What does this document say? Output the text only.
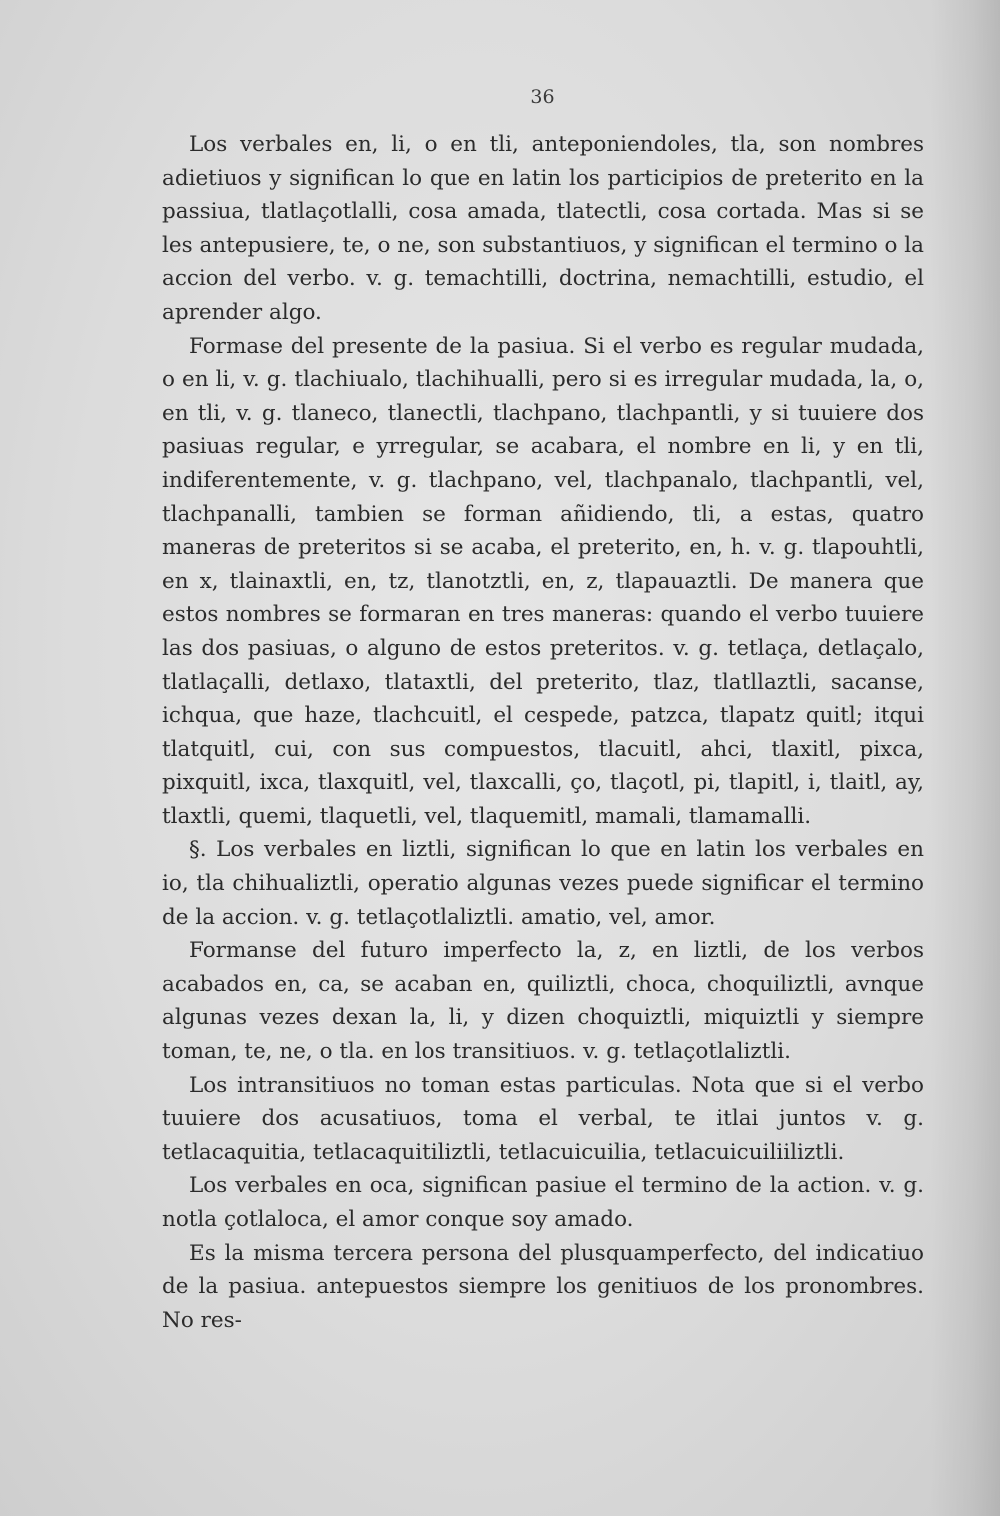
36

Los verbales en, li, o en tli, anteponiendoles, tla, son nombres adietiuos y significan lo que en latin los participios de preterito en la passiua, tlatlaçotlalli, cosa amada, tlatectli, cosa cortada. Mas si se les antepusiere, te, o ne, son substantiuos, y significan el termino o la accion del verbo. v. g. temachtilli, doctrina, nemachtilli, estudio, el aprender algo.

Formase del presente de la pasiua. Si el verbo es regular mudada, o en li, v. g. tlachiualo, tlachihualli, pero si es irregular mudada, la, o, en tli, v. g. tlaneco, tlanectli, tlachpano, tlachpantli, y si tuuiere dos pasiuas regular, e yrregular, se acabara, el nombre en li, y en tli, indiferentemente, v. g. tlachpano, vel, tlachpanalo, tlachpantli, vel, tlachpanalli, tambien se forman añidiendo, tli, a estas, quatro maneras de preteritos si se acaba, el preterito, en, h. v. g. tlapouhtli, en x, tlainaxtli, en, tz, tlanotztli, en, z, tlapauaztli. De manera que estos nombres se formaran en tres maneras: quando el verbo tuuiere las dos pasiuas, o alguno de estos preteritos. v. g. tetlaça, detlaçalo, tlatlaçalli, detlaxo, tlataxtli, del preterito, tlaz, tlatllaztli, sacanse, ichqua, que haze, tlachcuitl, el cespede, patzca, tlapatz quitl; itqui tlatquitl, cui, con sus compuestos, tlacuitl, ahci, tlaxitl, pixca, pixquitl, ixca, tlaxquitl, vel, tlaxcalli, ço, tlaçotl, pi, tlapitl, i, tlaitl, ay, tlaxtli, quemi, tlaquetli, vel, tlaquemitl, mamali, tlamamalli.

§. Los verbales en liztli, significan lo que en latin los verbales en io, tla chihualiztli, operatio algunas vezes puede significar el termino de la accion. v. g. tetlaçotlaliztli. amatio, vel, amor.

Formanse del futuro imperfecto la, z, en liztli, de los verbos acabados en, ca, se acaban en, quiliztli, choca, choquiliztli, avnque algunas vezes dexan la, li, y dizen choquiztli, miquiztli y siempre toman, te, ne, o tla. en los transitiuos. v. g. tetlaçotlaliztli.

Los intransitiuos no toman estas particulas. Nota que si el verbo tuuiere dos acusatiuos, toma el verbal, te itlai juntos v. g. tetlacaquitia, tetlacaquitiliztli, tetlacuicuilia, tetlacuicuiliiliztli.

Los verbales en oca, significan pasiue el termino de la action. v. g. notla çotlaloca, el amor conque soy amado.

Es la misma tercera persona del plusquamperfecto, del indicatiuo de la pasiua. antepuestos siempre los genitiuos de los pronombres. No res-
